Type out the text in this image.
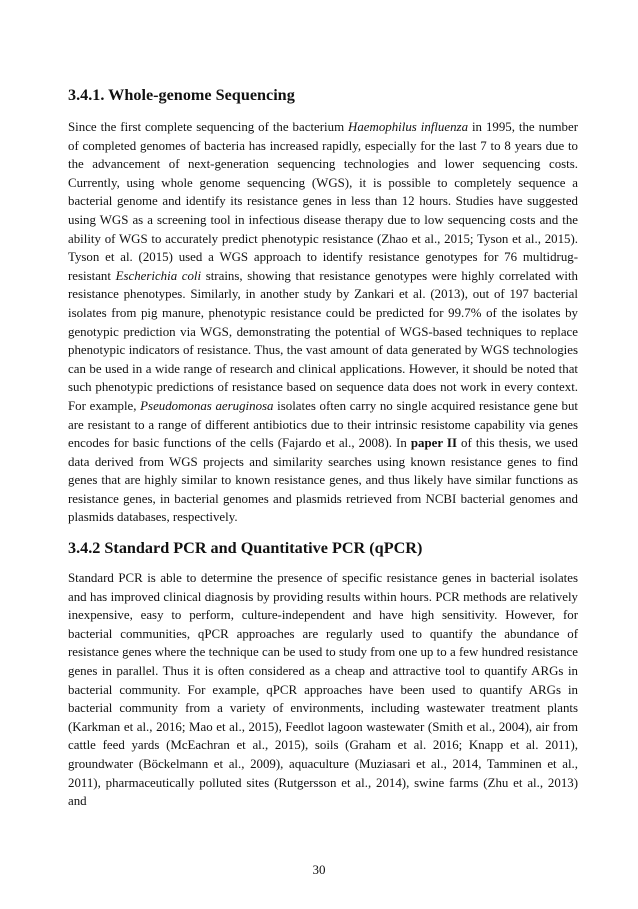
3.4.1. Whole-genome Sequencing

Since the first complete sequencing of the bacterium Haemophilus influenza in 1995, the number of completed genomes of bacteria has increased rapidly, especially for the last 7 to 8 years due to the advancement of next-generation sequencing technologies and lower sequencing costs. Currently, using whole genome sequencing (WGS), it is possible to completely sequence a bacterial genome and identify its resistance genes in less than 12 hours. Studies have suggested using WGS as a screening tool in infectious disease therapy due to low sequencing costs and the ability of WGS to accurately predict phenotypic resistance (Zhao et al., 2015; Tyson et al., 2015). Tyson et al. (2015) used a WGS approach to identify resistance genotypes for 76 multidrug-resistant Escherichia coli strains, showing that resistance genotypes were highly correlated with resistance phenotypes. Similarly, in another study by Zankari et al. (2013), out of 197 bacterial isolates from pig manure, phenotypic resistance could be predicted for 99.7% of the isolates by genotypic prediction via WGS, demonstrating the potential of WGS-based techniques to replace phenotypic indicators of resistance. Thus, the vast amount of data generated by WGS technologies can be used in a wide range of research and clinical applications. However, it should be noted that such phenotypic predictions of resistance based on sequence data does not work in every context. For example, Pseudomonas aeruginosa isolates often carry no single acquired resistance gene but are resistant to a range of different antibiotics due to their intrinsic resistome capability via genes encodes for basic functions of the cells (Fajardo et al., 2008). In paper II of this thesis, we used data derived from WGS projects and similarity searches using known resistance genes to find genes that are highly similar to known resistance genes, and thus likely have similar functions as resistance genes, in bacterial genomes and plasmids retrieved from NCBI bacterial genomes and plasmids databases, respectively.

3.4.2 Standard PCR and Quantitative PCR (qPCR)

Standard PCR is able to determine the presence of specific resistance genes in bacterial isolates and has improved clinical diagnosis by providing results within hours. PCR methods are relatively inexpensive, easy to perform, culture-independent and have high sensitivity. However, for bacterial communities, qPCR approaches are regularly used to quantify the abundance of resistance genes where the technique can be used to study from one up to a few hundred resistance genes in parallel. Thus it is often considered as a cheap and attractive tool to quantify ARGs in bacterial community. For example, qPCR approaches have been used to quantify ARGs in bacterial community from a variety of environments, including wastewater treatment plants (Karkman et al., 2016; Mao et al., 2015), Feedlot lagoon wastewater (Smith et al., 2004), air from cattle feed yards (McEachran et al., 2015), soils (Graham et al. 2016; Knapp et al. 2011), groundwater (Böckelmann et al., 2009), aquaculture (Muziasari et al., 2014, Tamminen et al., 2011), pharmaceutically polluted sites (Rutgersson et al., 2014), swine farms (Zhu et al., 2013) and

30
